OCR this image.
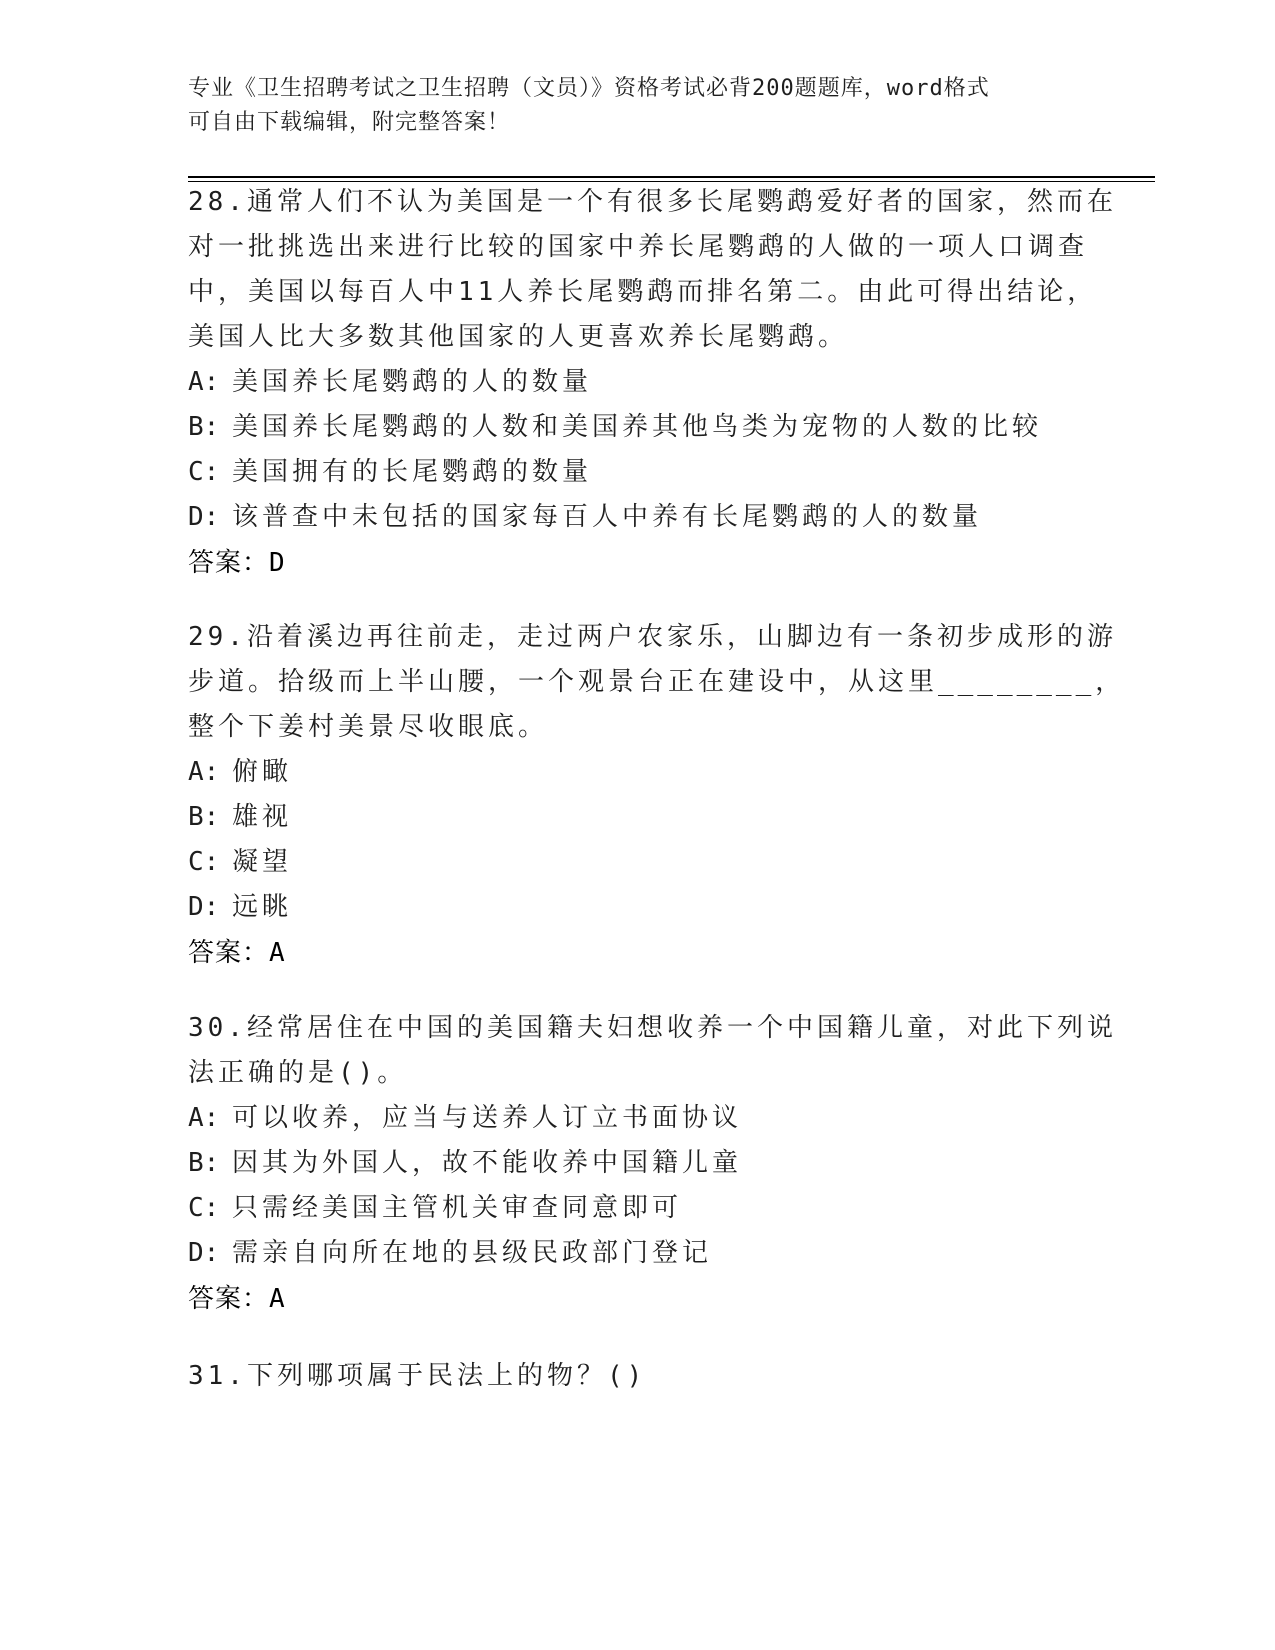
专业《卫生招聘考试之卫生招聘（文员）》资格考试必背200题题库，word格式
可自由下载编辑，附完整答案！
28.通常人们不认为美国是一个有很多长尾鹦鹉爱好者的国家，然而在
对一批挑选出来进行比较的国家中养长尾鹦鹉的人做的一项人口调查
中，美国以每百人中11人养长尾鹦鹉而排名第二。由此可得出结论，
美国人比大多数其他国家的人更喜欢养长尾鹦鹉。
A: 美国养长尾鹦鹉的人的数量
B: 美国养长尾鹦鹉的人数和美国养其他鸟类为宠物的人数的比较
C: 美国拥有的长尾鹦鹉的数量
D: 该普查中未包括的国家每百人中养有长尾鹦鹉的人的数量
答案：D
29.沿着溪边再往前走，走过两户农家乐，山脚边有一条初步成形的游
步道。拾级而上半山腰，一个观景台正在建设中，从这里________，
整个下姜村美景尽收眼底。
A: 俯瞰
B: 雄视
C: 凝望
D: 远眺
答案：A
30.经常居住在中国的美国籍夫妇想收养一个中国籍儿童，对此下列说
法正确的是()。
A: 可以收养，应当与送养人订立书面协议
B: 因其为外国人，故不能收养中国籍儿童
C: 只需经美国主管机关审查同意即可
D: 需亲自向所在地的县级民政部门登记
答案：A
31.下列哪项属于民法上的物？()
